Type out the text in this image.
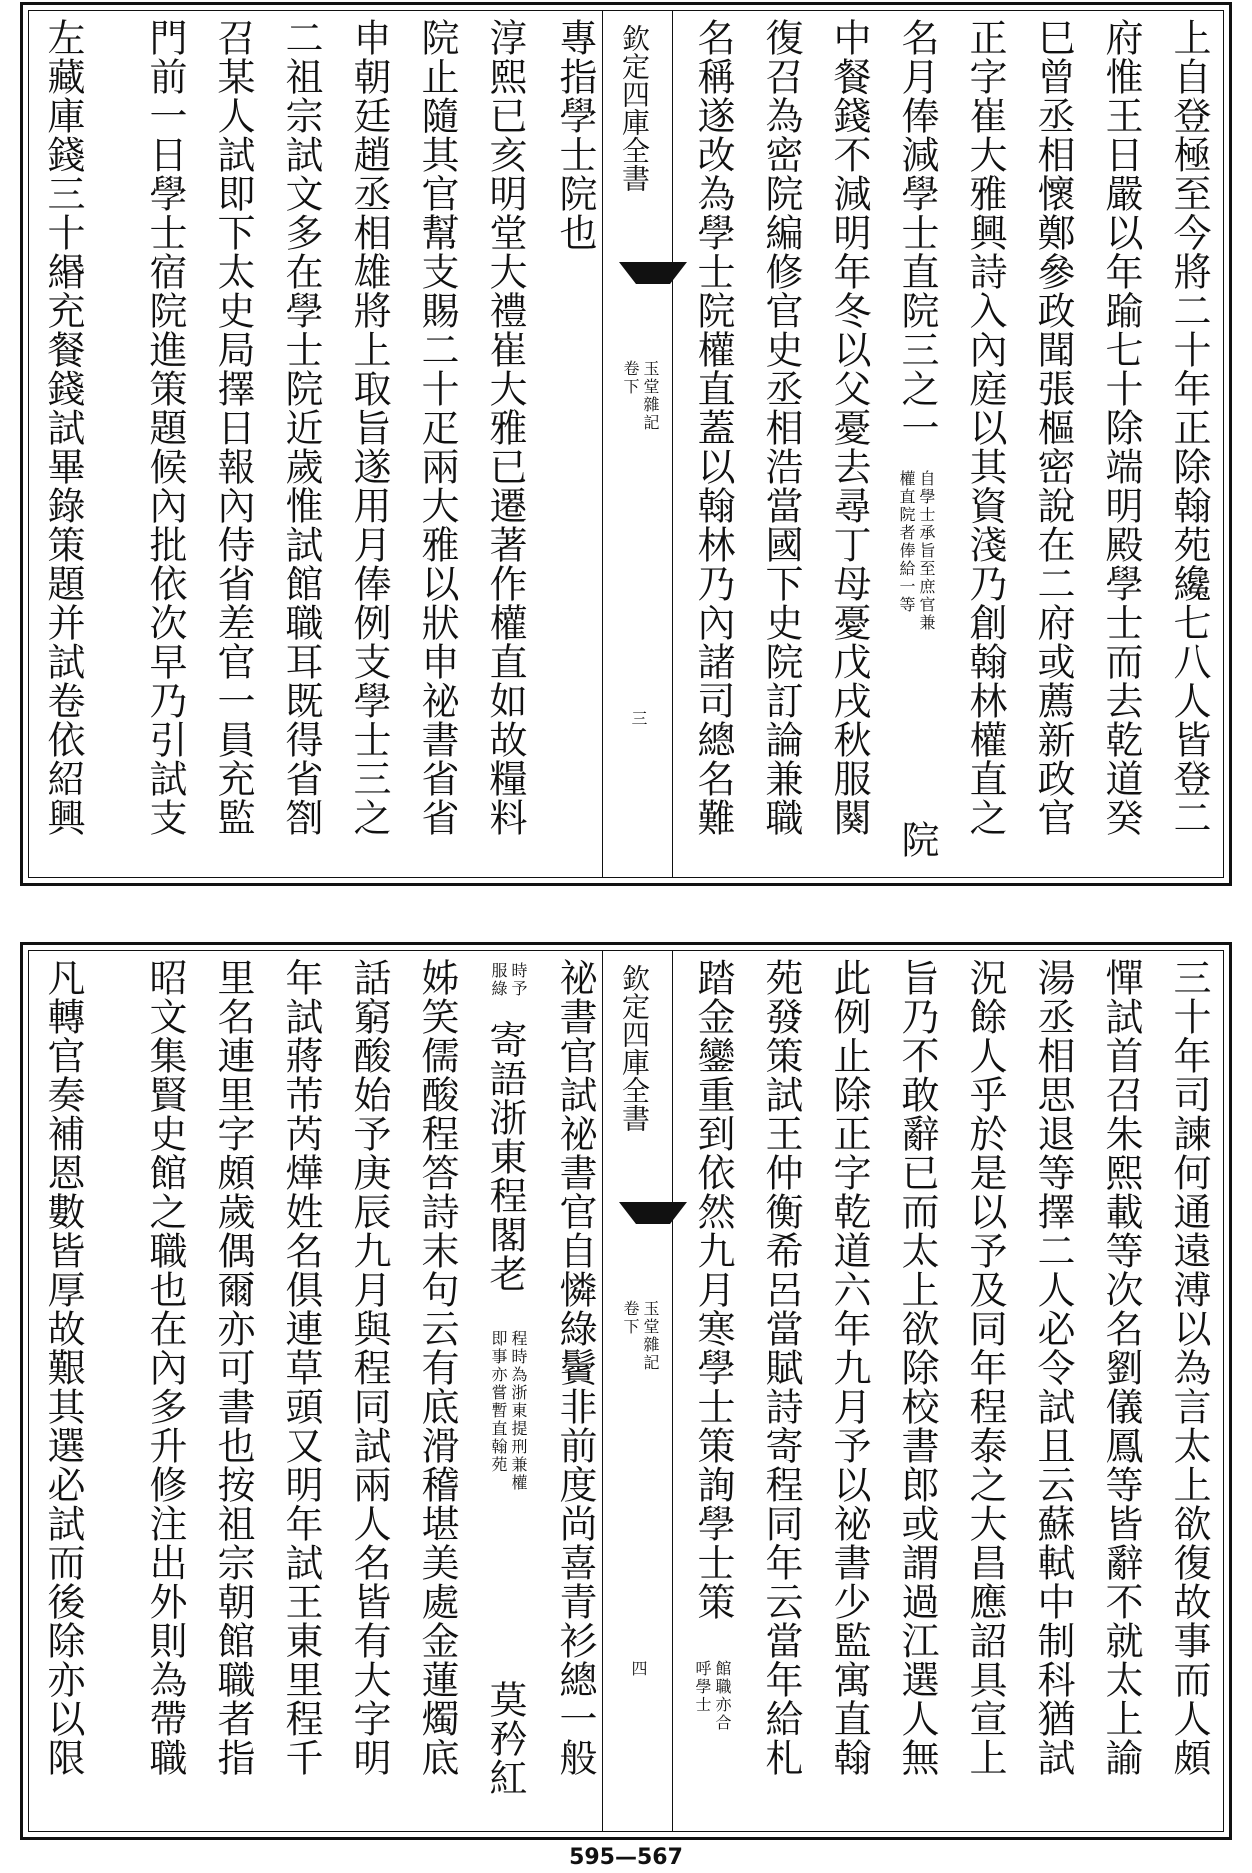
上自登極至今將二十年正除翰苑纔七八人皆登二
府惟王日嚴以年踰七十除端明殿學士而去乾道癸
巳曾丞相懷鄭參政聞張樞密說在二府或薦新政官
正字崔大雅興詩入內庭以其資淺乃創翰林權直之
名月俸減學士直院三之一
自學士承旨至庶官兼
權直院者俸給一等
院
中餐錢不減明年冬以父憂去尋丁母憂戊戌秋服闋
復召為密院編修官史丞相浩當國下史院訂論兼職
名稱遂改為學士院權直蓋以翰林乃內諸司總名難
欽定四庫全書
玉堂雜記
卷下
三
專指學士院也
淳熙已亥明堂大禮崔大雅已遷著作權直如故糧料
院止隨其官幫支賜二十疋兩大雅以狀申祕書省省
申朝廷趙丞相雄將上取旨遂用月俸例支學士三之
二祖宗試文多在學士院近歲惟試館職耳既得省劄
召某人試即下太史局擇日報內侍省差官一員充監
門前一日學士宿院進策題候內批依次早乃引試支
左藏庫錢三十緡充餐錢試畢錄策題并試卷依紹興
三十年司諫何通遠溥以為言太上欲復故事而人頗
憚試首召朱熙載等次名劉儀鳳等皆辭不就太上諭
湯丞相思退等擇二人必令試且云蘇軾中制科猶試
況餘人乎於是以予及同年程泰之大昌應詔具宣上
旨乃不敢辭已而太上欲除校書郎或謂過江選人無
此例止除正字乾道六年九月予以祕書少監寓直翰
苑發策試王仲衡希呂當賦詩寄程同年云當年給札
踏金鑾重到依然九月寒學士策詢學士策
館職亦合
呼學士
欽定四庫全書
玉堂雜記
卷下
四
祕書官試祕書官自憐綠鬢非前度尚喜青衫總一般
時予
服綠
寄語浙東程閣老
程時為浙東提刑兼權
即事亦嘗暫直翰苑
莫矜紅
姊笑儒酸程答詩末句云有底滑稽堪美處金蓮燭底
話窮酸始予庚辰九月與程同試兩人名皆有大字明
年試蔣芾芮燁姓名俱連草頭又明年試王東里程千
里名連里字頗歲偶爾亦可書也按祖宗朝館職者指
昭文集賢史館之職也在內多升修注出外則為帶職
凡轉官奏補恩數皆厚故艱其選必試而後除亦以限
595—567
